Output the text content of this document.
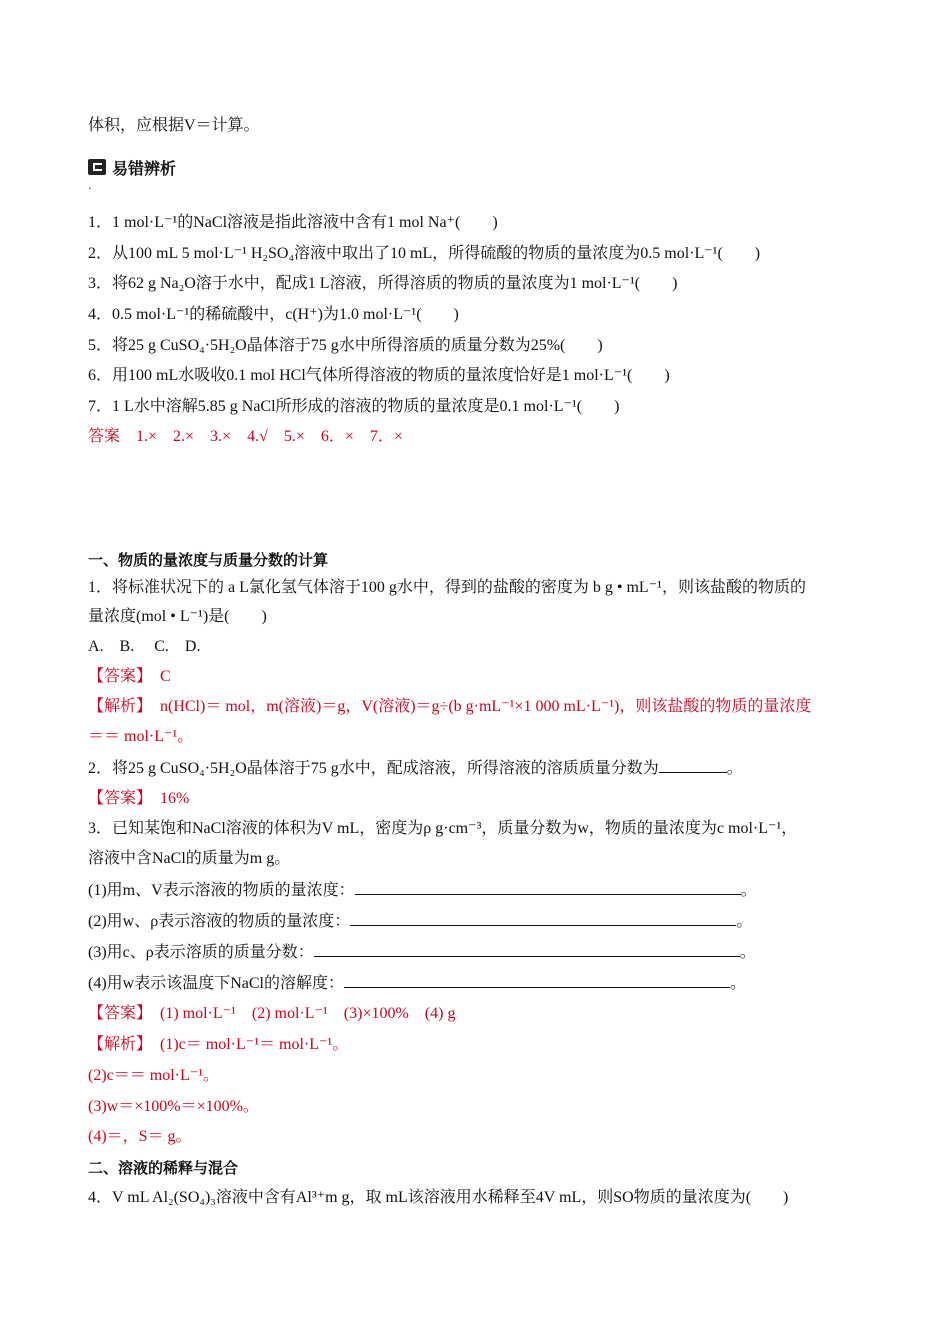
体积，应根据V＝计算。
易错辨析
·
1．1 mol·L⁻¹的NaCl溶液是指此溶液中含有1 mol Na⁺(　　)
2．从100 mL 5 mol·L⁻¹ H₂SO₄溶液中取出了10 mL，所得硫酸的物质的量浓度为0.5 mol·L⁻¹(　　)
3．将62 g Na₂O溶于水中，配成1 L溶液，所得溶质的物质的量浓度为1 mol·L⁻¹(　　)
4．0.5 mol·L⁻¹的稀硫酸中，c(H⁺)为1.0 mol·L⁻¹(　　)
5．将25 g CuSO₄·5H₂O晶体溶于75 g水中所得溶质的质量分数为25%(　　)
6．用100 mL水吸收0.1 mol HCl气体所得溶液的物质的量浓度恰好是1 mol·L⁻¹(　　)
7．1 L水中溶解5.85 g NaCl所形成的溶液的物质的量浓度是0.1 mol·L⁻¹(　　)
答案　1.×　2.×　3.×　4.√　5.×　6．×　7．×
一、物质的量浓度与质量分数的计算
1．将标准状况下的 a L氯化氢气体溶于100 g水中，得到的盐酸的密度为 b g • mL⁻¹，则该盐酸的物质的
量浓度(mol • L⁻¹)是(　　)
A.　B.　 C.　D.
【答案】　C
【解析】　n(HCl)＝ mol，m(溶液)＝g，V(溶液)＝g÷(b g·mL⁻¹×1 000 mL·L⁻¹)，则该盐酸的物质的量浓度
＝＝ mol·L⁻¹。
2．将25 g CuSO₄·5H₂O晶体溶于75 g水中，配成溶液，所得溶液的溶质质量分数为	。
【答案】　16%
3．已知某饱和NaCl溶液的体积为V mL，密度为ρ g·cm⁻³，质量分数为w，物质的量浓度为c mol·L⁻¹，
溶液中含NaCl的质量为m g。
(1)用m、V表示溶液的物质的量浓度：	。
(2)用w、ρ表示溶液的物质的量浓度：	。
(3)用c、ρ表示溶质的质量分数：	。
(4)用w表示该温度下NaCl的溶解度：	。
【答案】　(1) mol·L⁻¹　(2) mol·L⁻¹　(3)×100%　(4) g
【解析】　(1)c＝ mol·L⁻¹＝ mol·L⁻¹。
(2)c＝＝ mol·L⁻¹。
(3)w＝×100%＝×100%。
(4)＝，S＝ g。
二、溶液的稀释与混合
4．V mL Al₂(SO₄)₃溶液中含有Al³⁺m g，取 mL该溶液用水稀释至4V mL，则SO物质的量浓度为(　　)
